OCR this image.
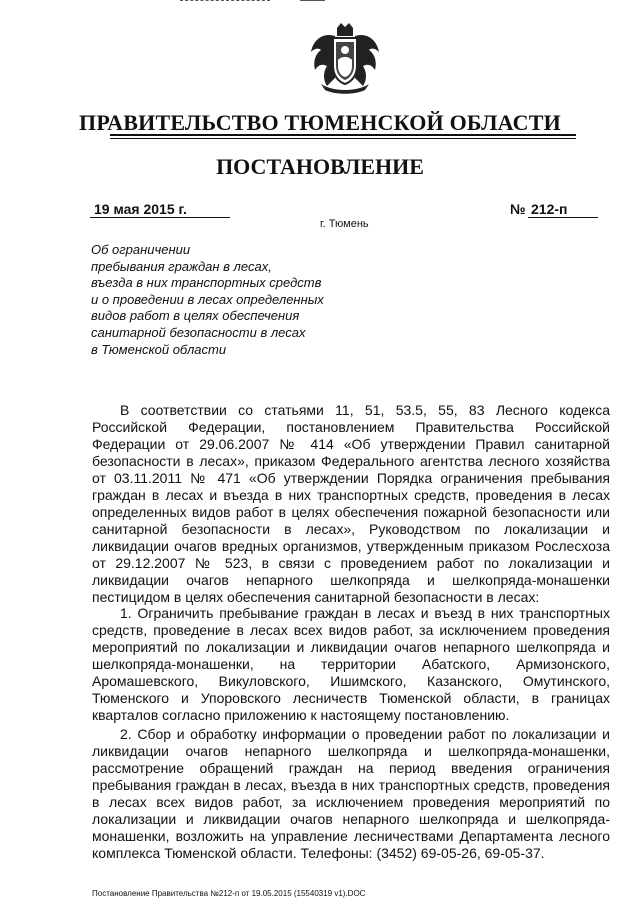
ПРАВИТЕЛЬСТВО ТЮМЕНСКОЙ ОБЛАСТИ
ПОСТАНОВЛЕНИЕ
19 мая 2015 г.	№ 212-п
г. Тюмень
Об ограничении
пребывания граждан в лесах,
въезда в них транспортных средств
и о проведении в лесах определенных
видов работ в целях обеспечения
санитарной безопасности в лесах
в Тюменской области
В соответствии со статьями 11, 51, 53.5, 55, 83 Лесного кодекса Российской Федерации, постановлением Правительства Российской Федерации от 29.06.2007 № 414 «Об утверждении Правил санитарной безопасности в лесах», приказом Федерального агентства лесного хозяйства от 03.11.2011 № 471 «Об утверждении Порядка ограничения пребывания граждан в лесах и въезда в них транспортных средств, проведения в лесах определенных видов работ в целях обеспечения пожарной безопасности или санитарной безопасности в лесах», Руководством по локализации и ликвидации очагов вредных организмов, утвержденным приказом Рослесхоза от 29.12.2007 № 523, в связи с проведением работ по локализации и ликвидации очагов непарного шелкопряда и шелкопряда-монашенки пестицидом в целях обеспечения санитарной безопасности в лесах:
1. Ограничить пребывание граждан в лесах и въезд в них транспортных средств, проведение в лесах всех видов работ, за исключением проведения мероприятий по локализации и ликвидации очагов непарного шелкопряда и шелкопряда-монашенки, на территории Абатского, Армизонского, Аромашевского, Викуловского, Ишимского, Казанского, Омутинского, Тюменского и Упоровского лесничеств Тюменской области, в границах кварталов согласно приложению к настоящему постановлению.
2. Сбор и обработку информации о проведении работ по локализации и ликвидации очагов непарного шелкопряда и шелкопряда-монашенки, рассмотрение обращений граждан на период введения ограничения пребывания граждан в лесах, въезда в них транспортных средств, проведения в лесах всех видов работ, за исключением проведения мероприятий по локализации и ликвидации очагов непарного шелкопряда и шелкопряда-монашенки, возложить на управление лесничествами Департамента лесного комплекса Тюменской области. Телефоны: (3452) 69-05-26, 69-05-37.
Постановление Правительства №212-п от 19.05.2015 (15540319 v1).DOC
